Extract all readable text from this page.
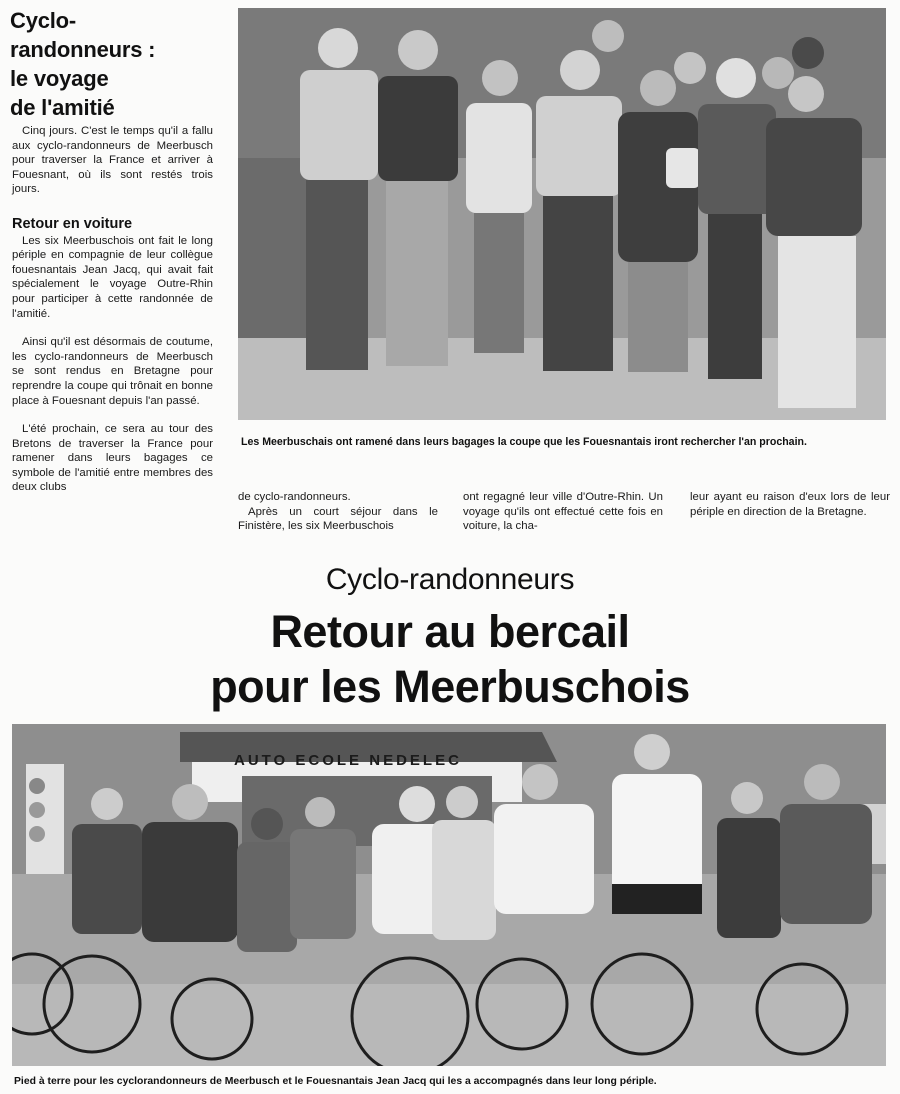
Cyclo-
randonneurs :
le voyage
de l'amitié

Cinq jours. C'est le temps qu'il a fallu aux cyclo-randonneurs de Meerbusch pour traverser la France et arriver à Fouesnant, où ils sont restés trois jours.

Retour en voiture

Les six Meerbuschois ont fait le long périple en compagnie de leur collègue fouesnantais Jean Jacq, qui avait fait spécialement le voyage Outre-Rhin pour participer à cette randonnée de l'amitié.

Ainsi qu'il est désormais de coutume, les cyclo-randonneurs de Meerbusch se sont rendus en Bretagne pour reprendre la coupe qui trônait en bonne place à Fouesnant depuis l'an passé.

L'été prochain, ce sera au tour des Bretons de traverser la France pour ramener dans leurs bagages ce symbole de l'amitié entre membres des deux clubs

Les Meerbuschais ont ramené dans leurs bagages la coupe que les Fouesnantais iront rechercher l'an prochain.
de cyclo-randonneurs.

Après un court séjour dans le Finistère, les six Meerbuschois

ont regagné leur ville d'Outre-Rhin. Un voyage qu'ils ont effectué cette fois en voiture, la cha-
leur ayant eu raison d'eux lors de leur périple en direction de la Bretagne.
Cyclo-randonneurs
Retour au bercail
pour les Meerbuschois
AUTO ECOLE NEDELEC
Pied à terre pour les cyclorandonneurs de Meerbusch et le Fouesnantais Jean Jacq qui les a accompagnés dans leur long périple.
